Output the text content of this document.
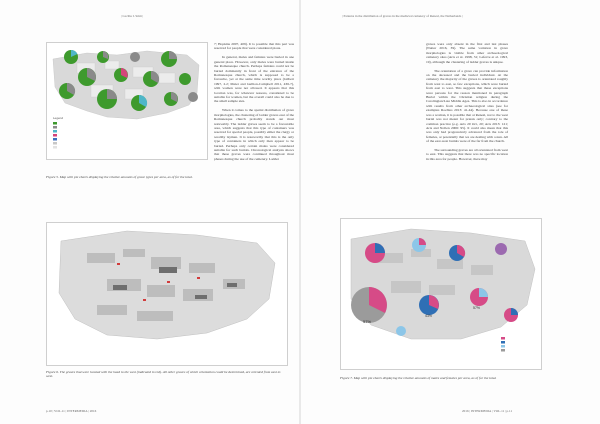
| Cecilia I. Smit |	| Patterns in the distribution of graves in the medieval cemetery of Renesl, the Netherlands |
Legend
Figure 5. Map with pie charts displaying the relative amounts of grave types per area, as of for the total.
Figure 6. The graves that were located with the head to the west (indicated in red). All other graves of which orientation could be determined, are oriented from east to west.

7; Hopkins 2007, 409). It is possible that this part was reserved for people that were considered pious.

In general, males and females were buried in one general place. However, only males were buried inside the Romanesque church. Perhaps females could not be buried dominantly in front of the entrance of the Romanesque church, which is supposed to be a favourite, yet at the same time worthy place (Gilbert 1997, 2.2; Maier and Gullion-Campbell 2011, 436-7), with women were not allowed. It appears that this location was, for whatever reasons, considered to be suitable for women, but the overall could also be due to the small sample size.

When it comes to the spatial distribution of grave morphologies, the clustering of ladder graves east of the Romanesque church probably stands out most noticeably. The ladder graves seem to be a favourable area, which suggests that this type of containers was reserved for special people, possibly either the clergy or wealthy laymen. It is noteworthy that this is the only type of containers in which only men appear to be buried. Perhaps only certain males were considered suitable for such burials. Chronological analysis shows that these graves were continued throughout most phases during the use of the cemetery. Ladder

graves were only absent in the first and last phases (Nutter 2016, 39). The same variation in grave morphologies is visible from other archaeological cemetery sites (Arts et al. 1998, 31; Lefevre et al. 1993, 19), although the clustering of ladder graves is unique.

The orientation of a grave can provide information on the deceased and the buried individual. At the cemetery the majority of the graves is orientated roughly from west to east, so few exceptions, which were buried from east to west. This suggests that these exceptions were persons for the reason mentioned in paragraph Burial within the Christian religion during the Carolingian/Late Middle Ages. This is also in accordance with results from other archaeological sites (see for examples Roebles 2013: 41-44). Because one of these was a woman, it is possible that at Renesl, not to the west burial was not meant for priests only; contrary to the common practice (e.g. Arts 20 Oct, 20; Arts 2013: 121; Arts and Nollen 2006: 95). It could also mean that this was only had progressively advanced from the role of females, or potentially that we are dealing with a nun. All of the east-west burials were of the far from the church.

The surrounding graves are all orientated from west to east. This suggests that there was no specific location in this area for people. However, there may

57%
43%
57%
Figure 7. Map with pie charts displaying the relative amounts of males and females per area, as of for the total.
p.10 | VOL.11 | INTERMEDIA | 2016	2016 | INTERMEDIA | VOL.11 | p.11
